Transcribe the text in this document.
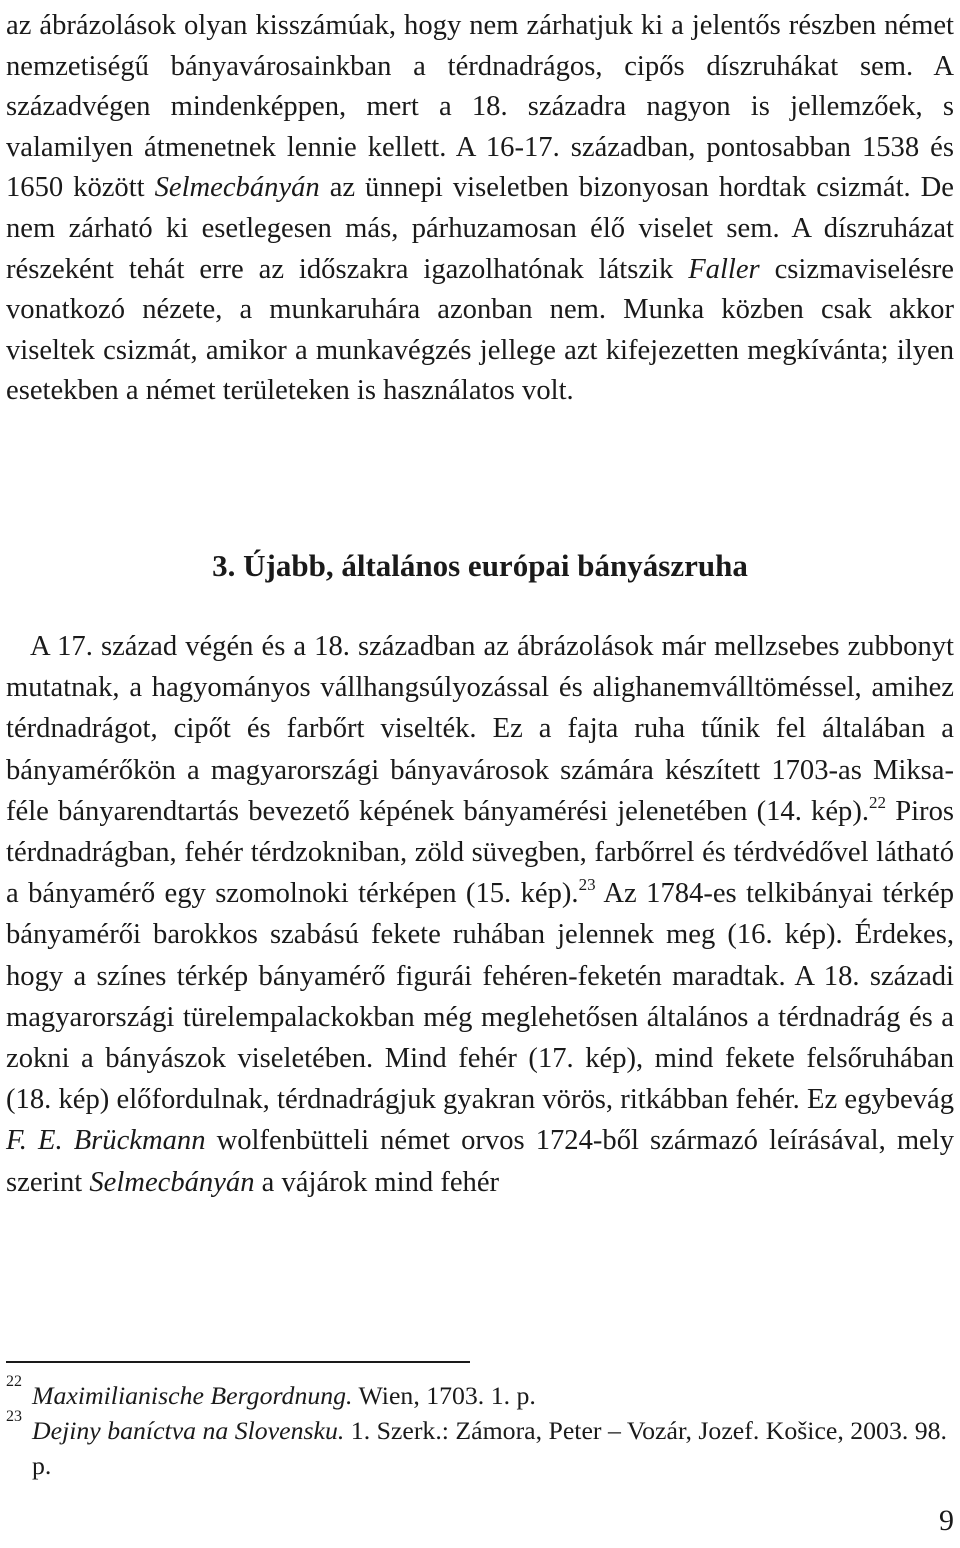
az ábrázolások olyan kisszámúak, hogy nem zárhatjuk ki a jelentős részben német nemzetiségű bányavárosainkban a térdnadrágos, cipős díszruhákat sem. A századvégen mindenképpen, mert a 18. századra nagyon is jellemzőek, s valamilyen átmenetnek lennie kellett. A 16-17. században, pontosabban 1538 és 1650 között Selmecbányán az ünnepi viseletben bizonyosan hordtak csizmát. De nem zárható ki esetlegesen más, párhuzamosan élő viselet sem. A díszruházat részeként tehát erre az időszakra igazolhatónak látszik Faller csizmaviselésre vonatkozó nézete, a munkaruhára azonban nem. Munka közben csak akkor viseltek csizmát, amikor a munkavégzés jellege azt kifejezetten megkívánta; ilyen esetekben a német területeken is használatos volt.

3. Újabb, általános európai bányászruha

A 17. század végén és a 18. században az ábrázolások már mellzsebes zubbonyt mutatnak, a hagyományos vállhangsúlyozással és alighanemválltöméssel, amihez térdnadrágot, cipőt és farbőrt viselték. Ez a fajta ruha tűnik fel általában a bányamérőkön a magyarországi bányavárosok számára készített 1703-as Miksa-féle bányarendtartás bevezető képének bányamérési jelenetében (14. kép).$^{22}$ Piros térdnadrágban, fehér térdzokniban, zöld süvegben, farbőrrel és térdvédővel látható a bányamérő egy szomolnoki térképen (15. kép).$^{23}$ Az 1784-es telkibányai térkép bányamérői barokkos szabású fekete ruhában jelennek meg (16. kép). Érdekes, hogy a színes térkép bányamérő figurái fehéren-feketén maradtak. A 18. századi magyarországi türelempalackokban még meglehetősen általános a térdnadrág és a zokni a bányászok viseletében. Mind fehér (17. kép), mind fekete felsőruhában (18. kép) előfordulnak, térdnadrágjuk gyakran vörös, ritkábban fehér. Ez egybevág F. E. Brückmann wolfenbütteli német orvos 1724-ből származó leírásával, mely szerint Selmecbányán a vájárok mind fehér

22 Maximilianische Bergordnung. Wien, 1703. 1. p.

23 Dejiny baníctva na Slovensku. 1. Szerk.: Zámora, Peter – Vozár, Jozef. Košice, 2003. 98. p.

9
